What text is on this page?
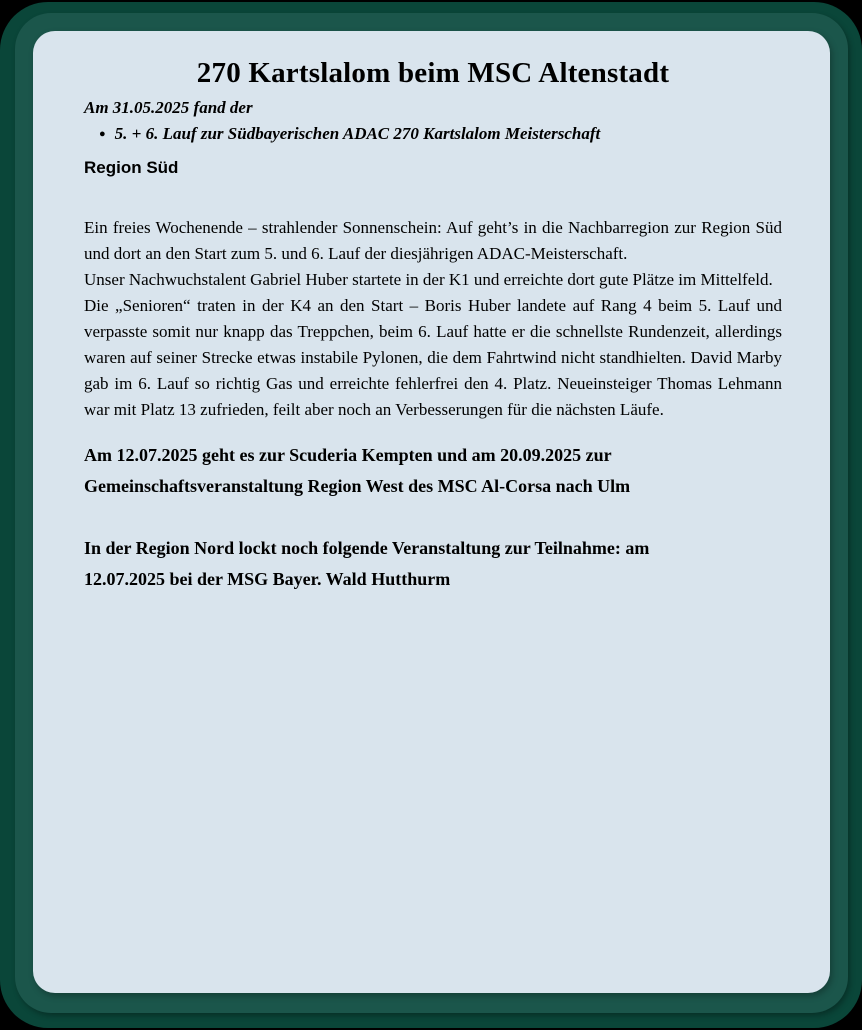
270 Kartslalom beim MSC Altenstadt

Am 31.05.2025 fand der

● 5. + 6. Lauf zur Südbayerischen ADAC 270 Kartslalom Meisterschaft

Region Süd

Ein freies Wochenende – strahlender Sonnenschein: Auf geht’s in die Nachbarregion zur Region Süd und dort an den Start zum 5. und 6. Lauf der diesjährigen ADAC-Meisterschaft.

Unser Nachwuchstalent Gabriel Huber startete in der K1 und erreichte dort gute Plätze im Mittelfeld.

Die „Senioren“ traten in der K4 an den Start – Boris Huber landete auf Rang 4 beim 5. Lauf und verpasste somit nur knapp das Treppchen, beim 6. Lauf hatte er die schnellste Rundenzeit, allerdings waren auf seiner Strecke etwas instabile Pylonen, die dem Fahrtwind nicht standhielten. David Marby gab im 6. Lauf so richtig Gas und erreichte fehlerfrei den 4. Platz. Neueinsteiger Thomas Lehmann war mit Platz 13 zufrieden, feilt aber noch an Verbesserungen für die nächsten Läufe.

Am 12.07.2025 geht es zur Scuderia Kempten und am 20.09.2025 zur

Gemeinschaftsveranstaltung Region West des MSC Al-Corsa nach Ulm

In der Region Nord lockt noch folgende Veranstaltung zur Teilnahme: am

12.07.2025 bei der MSG Bayer. Wald Hutthurm
